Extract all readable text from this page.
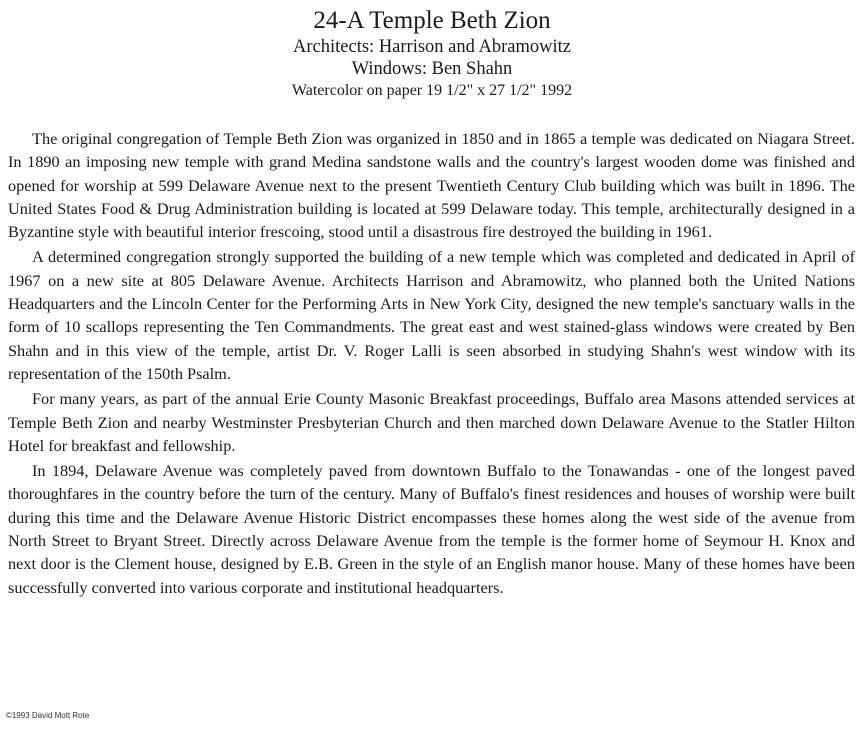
24-A Temple Beth Zion

Architects: Harrison and Abramowitz

Windows: Ben Shahn

Watercolor on paper 19 1/2" x 27 1/2" 1992

The original congregation of Temple Beth Zion was organized in 1850 and in 1865 a temple was dedicated on Niagara Street. In 1890 an imposing new temple with grand Medina sandstone walls and the country's largest wooden dome was finished and opened for worship at 599 Delaware Avenue next to the present Twentieth Century Club building which was built in 1896. The United States Food & Drug Administration building is located at 599 Delaware today. This temple, architecturally designed in a Byzantine style with beautiful interior frescoing, stood until a disastrous fire destroyed the building in 1961.

A determined congregation strongly supported the building of a new temple which was completed and dedicated in April of 1967 on a new site at 805 Delaware Avenue. Architects Harrison and Abramowitz, who planned both the United Nations Headquarters and the Lincoln Center for the Performing Arts in New York City, designed the new temple's sanctuary walls in the form of 10 scallops representing the Ten Commandments. The great east and west stained-glass windows were created by Ben Shahn and in this view of the temple, artist Dr. V. Roger Lalli is seen absorbed in studying Shahn's west window with its representation of the 150th Psalm.

For many years, as part of the annual Erie County Masonic Breakfast proceedings, Buffalo area Masons attended services at Temple Beth Zion and nearby Westminster Presbyterian Church and then marched down Delaware Avenue to the Statler Hilton Hotel for breakfast and fellowship.

In 1894, Delaware Avenue was completely paved from downtown Buffalo to the Tonawandas - one of the longest paved thoroughfares in the country before the turn of the century. Many of Buffalo's finest residences and houses of worship were built during this time and the Delaware Avenue Historic District encompasses these homes along the west side of the avenue from North Street to Bryant Street. Directly across Delaware Avenue from the temple is the former home of Seymour H. Knox and next door is the Clement house, designed by E.B. Green in the style of an English manor house. Many of these homes have been successfully converted into various corporate and institutional headquarters.

©1993 David Mott Rote
